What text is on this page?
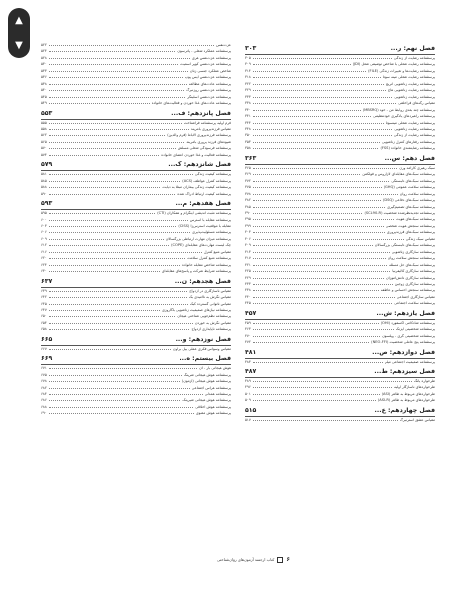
▲
▼	فصل نهم: ر...
۳۰۳
پرسشنامه رضایت از زندگی
۳۰۵
پرسشنامه رضایت شغلی با شاخص توصیفی شغل (JDI)
۳۰۹
پرسشنامه رضایت‌ها و تغییرات زندگی (FILE)
۳۱۴
پرسشنامه رضایت شغلی مینه سوتا
۳۱۸
پرسشنامه رضایت زناشویی انریچ
۳۲۲
پرسشنامه رضایت زناشویی هاچ
۳۲۹
پرسشنامه رضایت زناشویی
۳۳۳
مقیاس رگه‌های فراخلقی
۳۳۸
پرسشنامه چند بعدی روابط من - خود (MBSRQ)
۳۴۰
پرسشنامه راهبردهای یادگیری خودتنظیمی
۳۴۱
پرسشنامه رضایت شغلی مینسوتا
۳۴۴
پرسشنامه رضایت زناشویی
۳۴۸
پرسشنامه رضایت از زندگی
۳۵۰
پرسشنامه رفتارهای کنترل زناشویی
۳۵۳
پرسشنامه رضایتمندی خانواده (FSS)
۳۵۸
فصل دهم: س...
۳۶۳
سبک رهبری کارآمد ورن
۳۶۵
پرسشنامه سبک‌های مقابله‌ای لازاروس و فولکمن
۳۶۹
پرسشنامه سبک‌های دلبستگی
۳۷۲
پرسشنامه سلامت عمومی (GHQ)
۳۷۵
پرسشنامه سلامت روان
۳۷۸
پرسشنامه سبک‌های دفاعی (DSQ)
۳۸۲
پرسشنامه سبک‌های تصمیم‌گیری
۳۸۵
پرسشنامه تجدیدنظرشده شخصیت (SCL90-R)
۳۹۰
پرسشنامه سبک‌های هویت
۳۹۵
پرسشنامه سنجش هویت شخصی
۳۹۹
پرسشنامه سبک‌های فرزندپروری
۴۰۳
مقیاس سبک زندگی
۴۰۶
پرسشنامه سبک‌های دلبستگی بزرگسالان
۴۰۹
پرسشنامه سازگاری زناشویی
۴۱۳
پرسشنامه سنجش سلامت روان
۴۱۷
پرسشنامه سبک‌های حل مسئله
۴۲۱
پرسشنامه سازگاری کالیفرنیا
۴۲۵
پرسشنامه سازگاری دانش‌آموزان
۴۲۹
پرسشنامه سازگاری زوجین
۴۳۳
پرسشنامه سنجش احساس و عاطفه
۴۳۸
مقیاس سازگاری اجتماعی
۴۴۰
پرسشنامه سلامت اجتماعی
۴۴۵
فصل یازدهم: ش...
۴۵۷
پرسشنامه شادکامی آکسفورد (OHI)
۴۵۹
پرسشنامه شخصیتی آیزنک
۴۶۳
پرسشنامه شخصیتی گری - ویلسون
۴۷۰
پرسشنامه پنج عاملی شخصیت (NEO-FFI)
۴۷۲
فصل دوازدهم: ص...
۴۸۱
پرسشنامه صمیمیت اجتماعی میلر
۴۸۳
فصل سیزدهم: ط...
۴۸۷
طرحواره یانگ
۴۸۹
طرحواره‌های ناسازگار اولیه
۴۹۶
طرحواره‌های مربوط به ظاهر (ASI)
۵۰۱
طرحواره‌های مربوط به ظاهر (ASI-R)
۵۰۹
فصل چهاردهم: ع...
۵۱۵
مقیاس عشق استرنبرگ
۵۱۷
عزت‌نفس
۵۲۲
پرسشنامه عملکرد شغلی - پاترسون
۵۲۴
پرسشنامه عزت‌نفس هری
۵۲۸
پرسشنامه عزت‌نفس کوپر اسمیت
۵۳۰
شاخص عملکرد جنسی زنان
۵۳۳
پرسشنامه عزت‌نفس آیس پوپ
۵۳۶
پرسشنامه عادت‌های مطالعه
۵۳۸
پرسشنامه عزت‌نفس روزنبرگ
۵۴۰
پرسشنامه عزت‌نفس اسلینگر
۵۴۵
پرسشنامه عادت‌های غذا خوردن و فعالیت‌های خانواده
۵۴۹
فصل پانزدهم: ف...
۵۵۳
فرم اولیه پرسشنامه فراشناخت
۵۵۵
مقیاس فرزندپروری بامریند
۵۵۸
پرسشنامه فرزندپروری آلاباما (فرم والدین)
۵۶۲
شیوه‌های فرزند پروری بامریند
۵۶۵
پرسشنامه فرسودگی شغلی مسلش
۵۷۰
پرسشنامه فعالیت و غذا خوردن اعضای خانواده
۵۷۴
فصل شانزدهم: ک...
۵۷۹
پرسشنامه کیفیت زندگی
۵۸۱
پرسشنامه کنترل عواطف (ACS)
۵۸۵
پرسشنامه کیفیت زندگی بیماران مبتلا به دیابت
۵۸۸
پرسشنامه کیفیت ارتباط ادراک شده
۵۹۰
فصل هفدهم: م...
۵۹۳
پرسشنامه مثبت اندیشی اینگرام و همکاران (CTI)
۵۹۵
پرسشنامه مقابله با استرس
۶۰۰
مقابله با موقعیت استرس‌زا (CISS)
۶۰۳
پرسشنامه مسئولیت‌پذیری
۶۰۶
پرسشنامه میزان مهارت ارتباطی بزرگسالان
۶۰۹
چک لیست مهارت‌های مقابله‌ای (COPE)
۶۱۲
مقیاس منبع کنترل
۶۱۶
پرسشنامه منبع کنترل سلامت
۶۲۰
پرسشنامه شاخص مقابله خانواده
۶۲۴
پرسشنامه شرایط شرکت و پاسخ‌های مقابله‌ای
۶۳۰
فصل هجدهم: ن...
۶۳۷
مقیاس ناسازگاری در ازدواج
۶۳۹
مقیاس نگرش به ناامیدی بک
۶۴۲
مقیاس ناتوانی گسترده کبک
۶۴۵
پرسشنامه نیازهای صمیمیت زناشویی باگاروزی
۶۴۷
پرسشنامه نظم‌جویی شناختی هیجان
۶۵۰
مقیاس نگرش به خوردن
۶۵۴
پرسشنامه ناپایداری ازدواج
۶۵۸
فصل نوزدهم: و...
۶۶۵
مقیاس وسواس فکری عملی ییل براون
۶۶۷
فصل بیستم: ه...
۶۶۹
هوش هیجانی بار - ان
۶۷۱
پرسشنامه هوش هیجانی شرینگ
۶۷۵
پرسشنامه هوش هیجانی (آزمون)
۶۷۸
پرسشنامه هراس اجتماعی
۶۸۲
پرسشنامه همدلی
۶۸۴
پرسشنامه هوش هیجانی شیرینک
۶۸۶
پرسشنامه هوش اخلاقی
۶۸۸
پرسشنامه هوش معنوی
۶۹۰
۶
کتاب ارجمند آزمون‌های روان‌شناختی
